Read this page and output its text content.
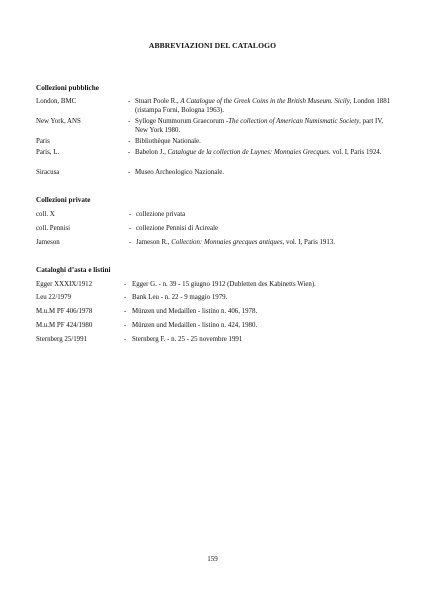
ABBREVIAZIONI DEL CATALOGO
Collezioni pubbliche
London, BMC	- Stuart Poole R., A Catalogue of the Greek Coins in the British Museum. Sicily, London 1881 (ristampa Forni, Bologna 1963).
New York, ANS	- Sylloge Nummorum Graecorum -The collection of American Numismatic Society, part IV, New York 1980.
Paris	- Bibliothèque Nationale.
Paris, L.	- Babelon J., Catalogue de la collection de Luynes: Monnaies Grecques. vol. I, Paris 1924.
Siracusa	- Museo Archeologico Nazionale.
Collezioni private
coll. X	- collezione privata
coll. Pennisi	- collezione Pennisi di Acireale
Jameson	- Jameson R., Collection: Monnaies grecques antiques, vol. I, Paris 1913.
Cataloghi d’asta e listini
Egger XXXIX/1912	- Egger G. - n. 39 - 15 giugno 1912 (Dubletten des Kabinetts Wien).
Leu 22/1979	- Bank Leu - n. 22 - 9 maggio 1979.
M.u.M PF 406/1978	- Münzen und Medaillen - listino n. 406, 1978.
M.u.M PF 424/1980	- Münzen und Medaillen - listino n. 424, 1980.
Sternberg 25/1991	- Sternberg F. - n. 25 - 25 novembre 1991
159
